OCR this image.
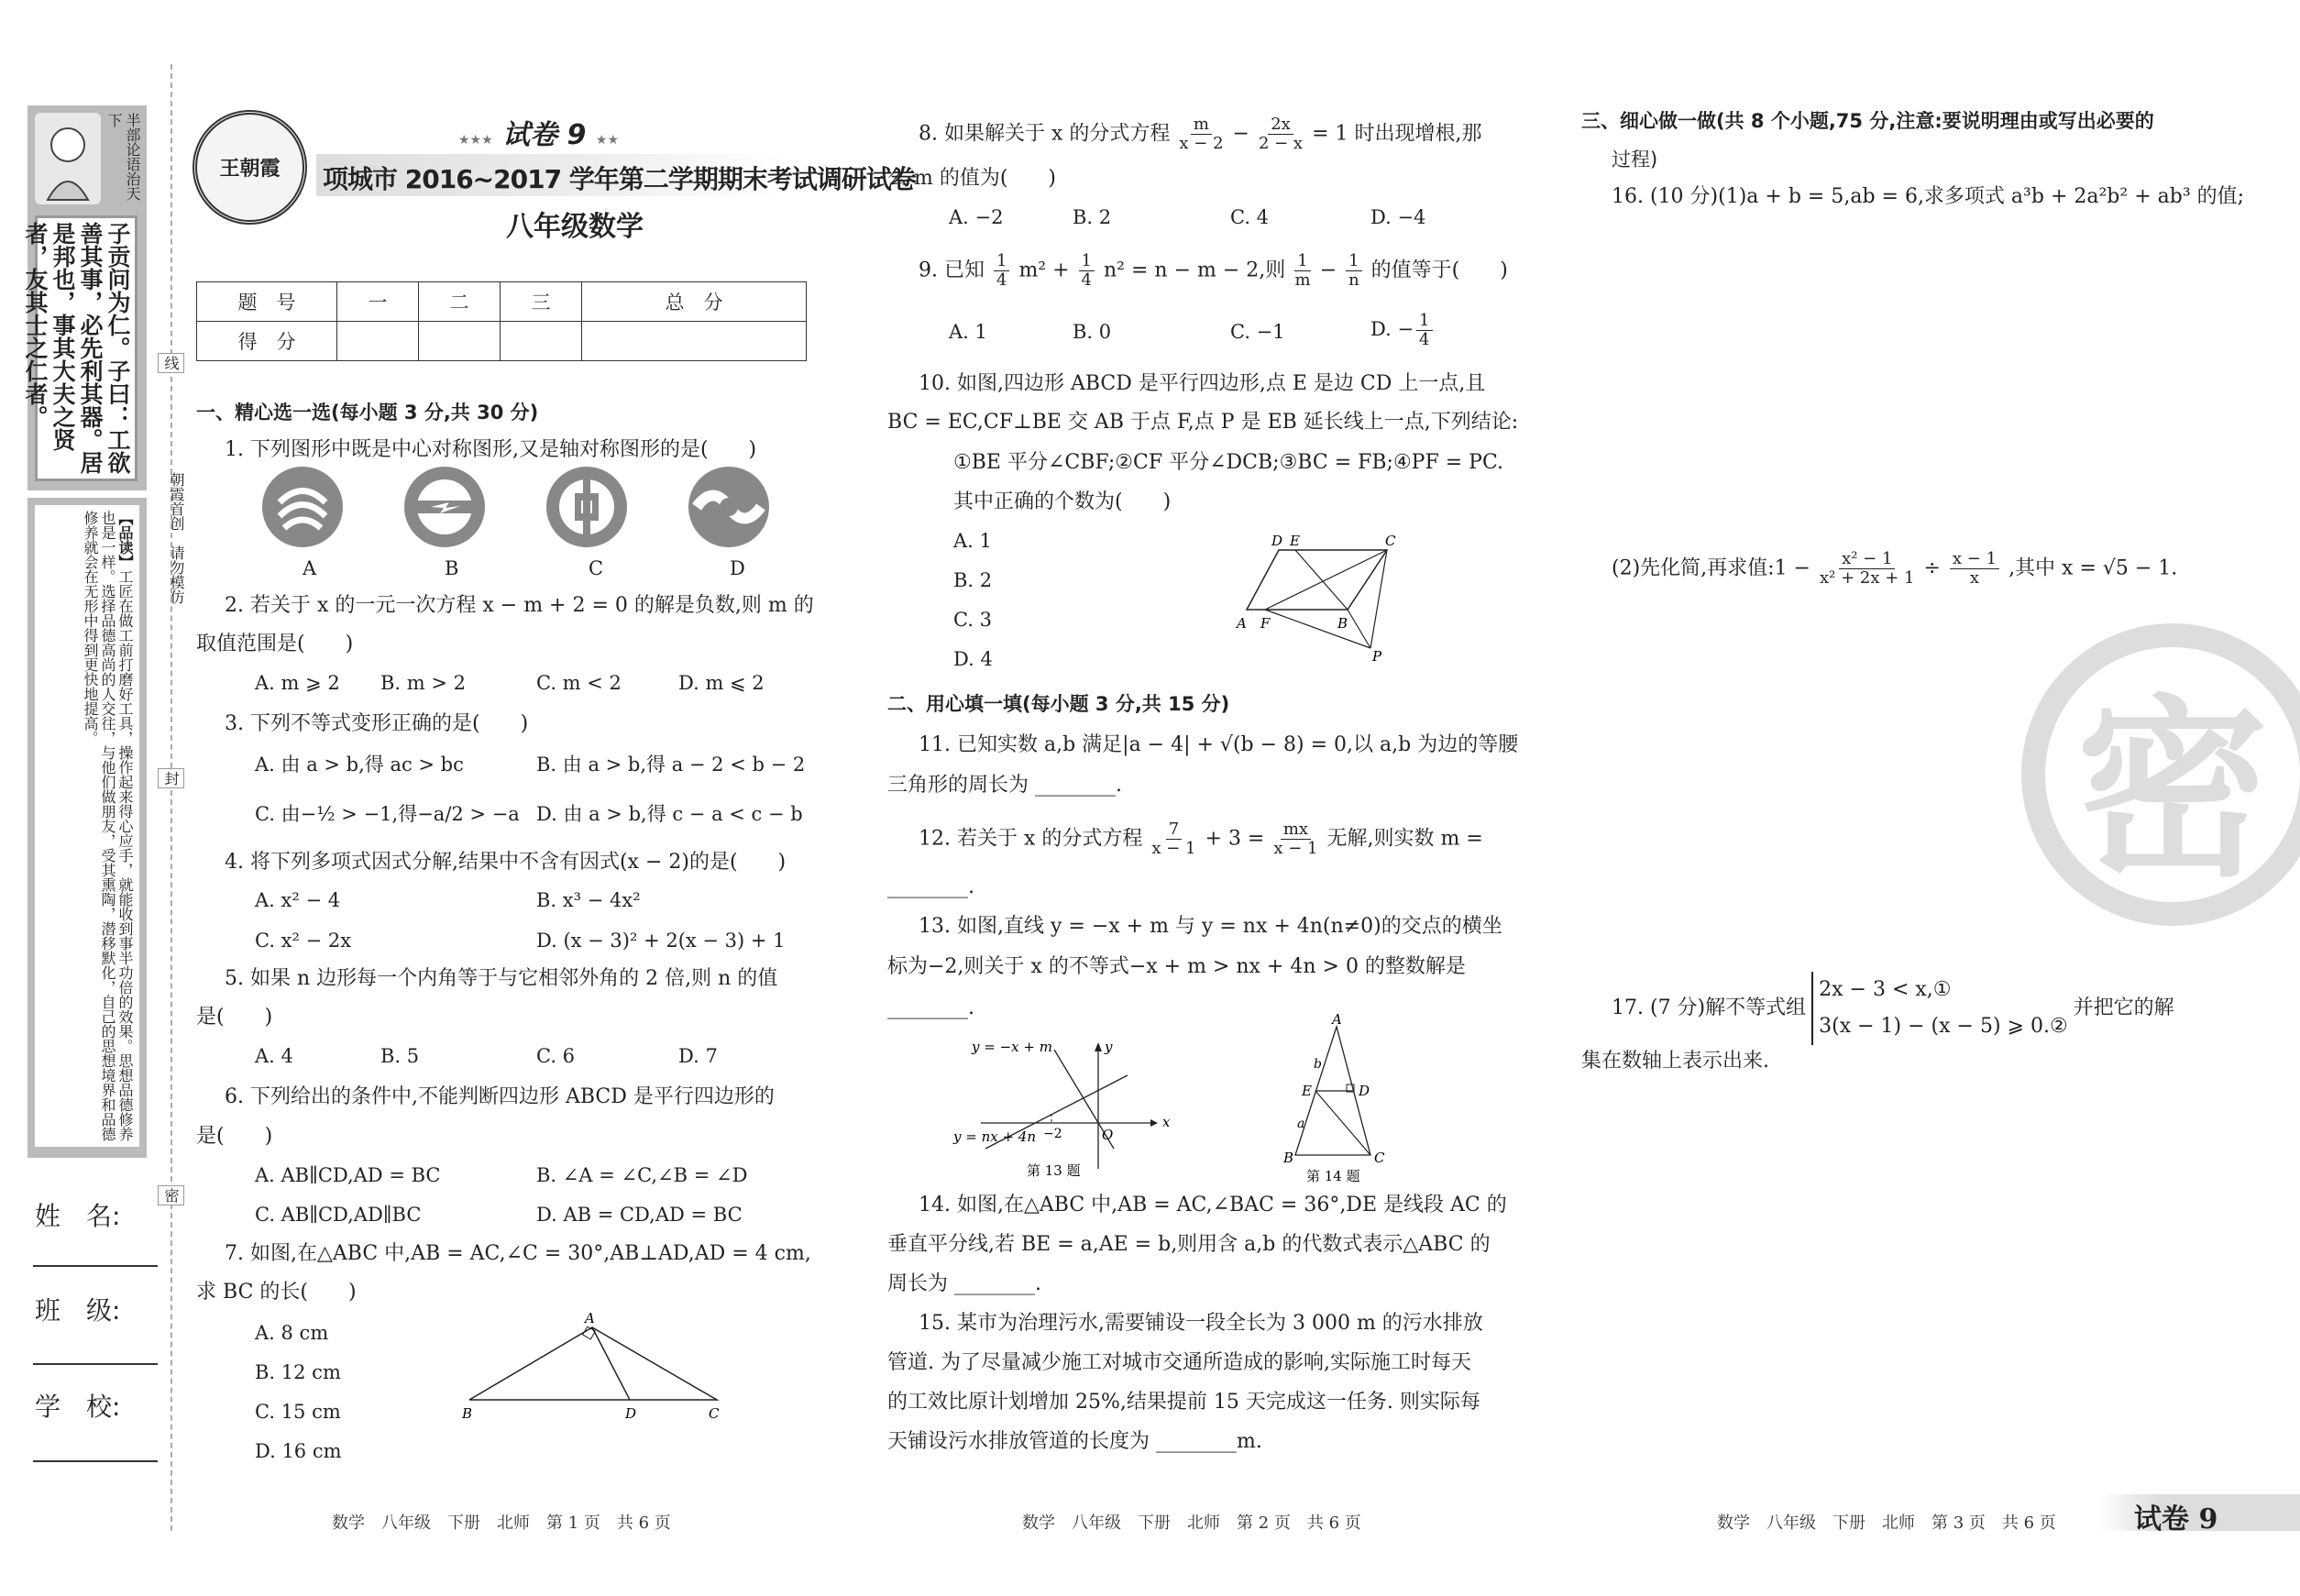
半部论语治天下
子贡问为仁。子曰：工欲善其事，必先利其器。居是邦也，事其大夫之贤者，友其士之仁者。
【品读】工匠在做工前打磨好工具，操作起来得心应手，就能收到事半功倍的效果。思想品德修养也是一样。选择品德高尚的人交往，与他们做朋友，受其熏陶，潜移默化，自己的思想境界和品德修养就会在无形中得到更快地提高。
线
朝霞首创　请勿模仿
封
密
姓　名:
班　级:
学　校:
王朝霞
★★★ 试卷 9 ★★
项城市 2016~2017 学年第二学期期末考试调研试卷
八年级数学
题　号	一	二	三	总　分
得　分				
一、精心选一选(每小题 3 分,共 30 分)
1. 下列图形中既是中心对称图形,又是轴对称图形的是(　　)
A	B	C	D
2. 若关于 x 的一元一次方程 x − m + 2 = 0 的解是负数,则 m 的
取值范围是(　　)
A. m ⩾ 2 B. m > 2	C. m < 2	D. m ⩽ 2
3. 下列不等式变形正确的是(　　)
A. 由 a > b,得 ac > bc	B. 由 a > b,得 a − 2 < b − 2
C. 由−½ > −1,得−a/2 > −a D. 由 a > b,得 c − a < c − b
4. 将下列多项式因式分解,结果中不含有因式(x − 2)的是(　　)
A. x² − 4	B. x³ − 4x²
C. x² − 2x	D. (x − 3)² + 2(x − 3) + 1
5. 如果 n 边形每一个内角等于与它相邻外角的 2 倍,则 n 的值
是(　　)
A. 4	B. 5	C. 6	D. 7
6. 下列给出的条件中,不能判断四边形 ABCD 是平行四边形的
是(　　)
A. AB∥CD,AD = BC	B. ∠A = ∠C,∠B = ∠D
C. AB∥CD,AD∥BC	D. AB = CD,AD = BC
7. 如图,在△ABC 中,AB = AC,∠C = 30°,AB⊥AD,AD = 4 cm,
求 BC 的长(　　)
A. 8 cm
B. 12 cm
C. 15 cm
D. 16 cm
A
B	D	C
8. 如果解关于 x 的分式方程 $\frac{m}{x - 2} - \frac{2x}{2 - x} = 1$ 时出现增根,那
么 m 的值为(　　)
A. −2	B. 2	C. 4	D. −4
9. 已知 $\frac{1}{4} m^2 + \frac{1}{4} n^2 = n - m - 2$,则 $\frac{1}{m} - \frac{1}{n}$ 的值等于(　　)
A. 1	B. 0	C. −1	D. − $\frac{1}{4}$
10. 如图,四边形 ABCD 是平行四边形,点 E 是边 CD 上一点,且
BC = EC,CF⊥BE 交 AB 于点 F,点 P 是 EB 延长线上一点,下列结论:
①BE 平分∠CBF;②CF 平分∠DCB;③BC = FB;④PF = PC.
其中正确的个数为(　　)
A. 1
B. 2
C. 3
D. 4
D E	C
A F	B
P
二、用心填一填(每小题 3 分,共 15 分)
11. 已知实数 a,b 满足|a − 4| + √(b − 8) = 0,以 a,b 为边的等腰
三角形的周长为 ________.
12. 若关于 x 的分式方程 $\frac{7}{x - 1} + 3 = \frac{mx}{x - 1}$ 无解,则实数 m =
________.
13. 如图,直线 y = −x + m 与 y = nx + 4n(n≠0)的交点的横坐
标为−2,则关于 x 的不等式−x + m > nx + 4n > 0 的整数解是
________.
y = −x + m
y = nx + 4n
y
x
O
−2
第 13 题
A
b
D
E
a
B	C
第 14 题
14. 如图,在△ABC 中,AB = AC,∠BAC = 36°,DE 是线段 AC 的
垂直平分线,若 BE = a,AE = b,则用含 a,b 的代数式表示△ABC 的
周长为 ________.
15. 某市为治理污水,需要铺设一段全长为 3 000 m 的污水排放
管道. 为了尽量减少施工对城市交通所造成的影响,实际施工时每天
的工效比原计划增加 25%,结果提前 15 天完成这一任务. 则实际每
天铺设污水排放管道的长度为 ________m.
三、细心做一做(共 8 个小题,75 分,注意:要说明理由或写出必要的
过程)
16. (10 分)(1)a + b = 5,ab = 6,求多项式 a³b + 2a²b² + ab³ 的值;
(2)先化简,再求值:1 − $\frac{\text{x² − 1}}{\text{x² + 2x + 1}} \div \frac{x - 1}{x}$ ,其中 x = √5 − 1.
密
17. (7 分)解不等式组
2x − 3 < x,①
3(x − 1) − (x − 5) ⩾ 0.②
并把它的解
集在数轴上表示出来.
数学　八年级　下册　北师　第 1 页　共 6 页	数学　八年级　下册　北师　第 2 页　共 6 页	数学　八年级　下册　北师　第 3 页　共 6 页	试卷 9
